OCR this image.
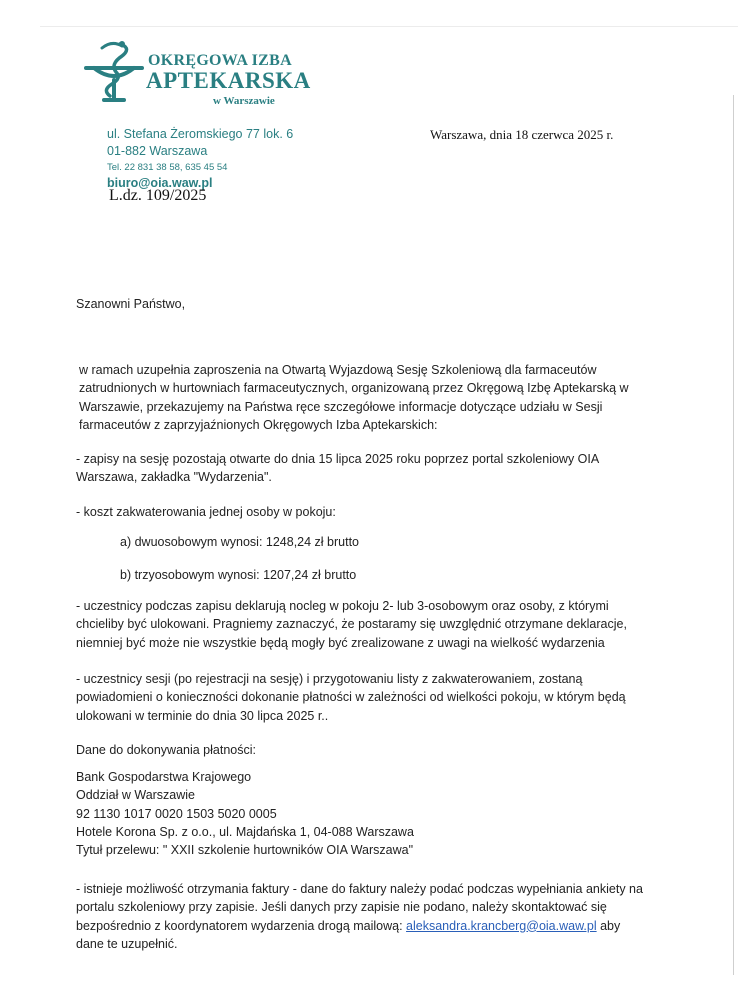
OKRĘGOWA IZBA
APTEKARSKA
w Warszawie
ul. Stefana Żeromskiego 77 lok. 6
01-882 Warszawa
Tel. 22 831 38 58, 635 45 54
biuro@oia.waw.pl
L.dz. 109/2025
Warszawa, dnia 18 czerwca 2025 r.
Szanowni Państwo,
w ramach uzupełnia zaproszenia na Otwartą Wyjazdową Sesję Szkoleniową dla farmaceutów zatrudnionych w hurtowniach farmaceutycznych, organizowaną przez Okręgową Izbę Aptekarską w Warszawie, przekazujemy na Państwa ręce szczegółowe informacje dotyczące udziału w Sesji farmaceutów z zaprzyjaźnionych Okręgowych Izba Aptekarskich:
- zapisy na sesję pozostają otwarte do dnia 15 lipca 2025 roku poprzez portal szkoleniowy OIA Warszawa, zakładka "Wydarzenia".
- koszt zakwaterowania jednej osoby w pokoju:
a) dwuosobowym wynosi: 1248,24 zł brutto
b) trzyosobowym wynosi: 1207,24 zł brutto
- uczestnicy podczas zapisu deklarują nocleg w pokoju 2- lub 3-osobowym oraz osoby, z którymi chcieliby być ulokowani. Pragniemy zaznaczyć, że postaramy się uwzględnić otrzymane deklaracje, niemniej być może nie wszystkie będą mogły być zrealizowane z uwagi na wielkość wydarzenia
- uczestnicy sesji (po rejestracji na sesję) i przygotowaniu listy z zakwaterowaniem, zostaną powiadomieni o konieczności dokonanie płatności w zależności od wielkości pokoju, w którym będą ulokowani w terminie do dnia 30 lipca 2025 r..
Dane do dokonywania płatności:
Bank Gospodarstwa Krajowego
Oddział w Warszawie
92 1130 1017 0020 1503 5020 0005
Hotele Korona Sp. z o.o., ul. Majdańska 1, 04-088 Warszawa
Tytuł przelewu: " XXII szkolenie hurtowników OIA Warszawa"
- istnieje możliwość otrzymania faktury - dane do faktury należy podać podczas wypełniania ankiety na portalu szkoleniowy przy zapisie. Jeśli danych przy zapisie nie podano, należy skontaktować się bezpośrednio z koordynatorem wydarzenia drogą mailową: aleksandra.krancberg@oia.waw.pl aby dane te uzupełnić.
